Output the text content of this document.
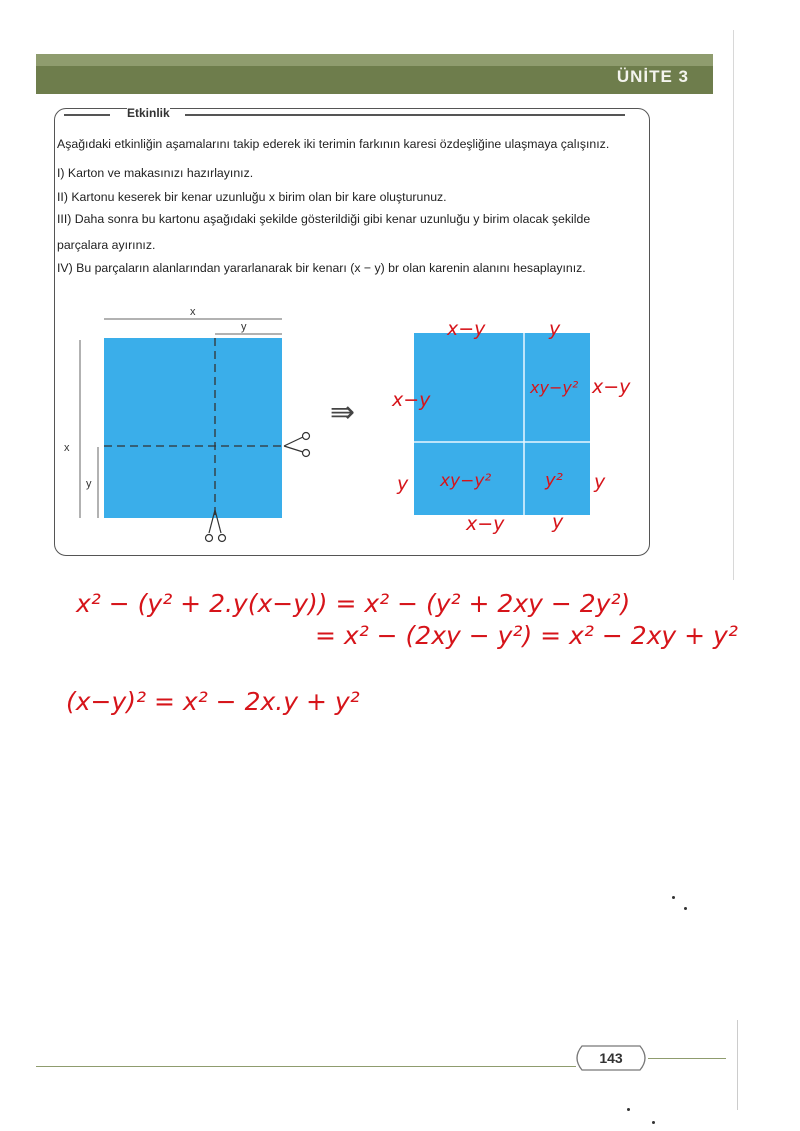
ÜNİTE 3
Etkinlik
Aşağıdaki etkinliğin aşamalarını takip ederek iki terimin farkının karesi özdeşliğine ulaşmaya çalışınız.
I) Karton ve makasınızı hazırlayınız.
II) Kartonu keserek bir kenar uzunluğu x birim olan bir kare oluşturunuz.
III) Daha sonra bu kartonu aşağıdaki şekilde gösterildiği gibi kenar uzunluğu y birim olacak şekilde
parçalara ayırınız.
IV) Bu parçaların alanlarından yararlanarak bir kenarı (x − y) br olan karenin alanını hesaplayınız.
x
y
x
y
⇛
x−y	y
x−y
xy−y² x−y
y xy−y²	y² y
x−y	y
x² − (y² + 2.y(x−y)) = x² − (y² + 2xy − 2y²)
= x² − (2xy − y²) = x² − 2xy + y²
(x−y)² = x² − 2x.y + y²
143
